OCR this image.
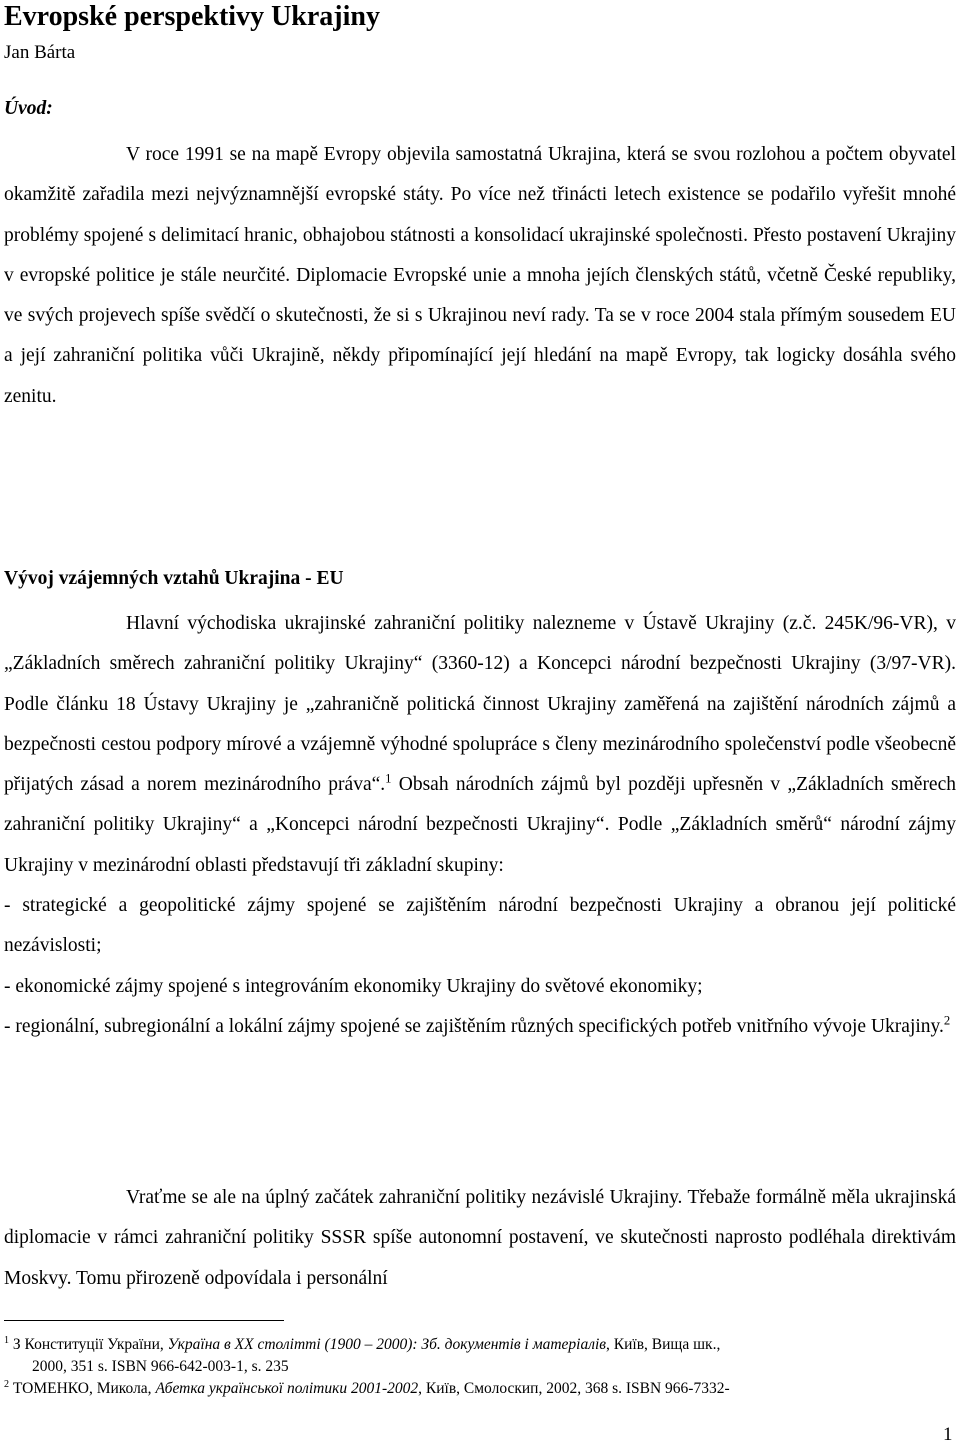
Evropské perspektivy Ukrajiny
Jan Bárta
Úvod:

V roce 1991 se na mapě Evropy objevila samostatná Ukrajina, která se svou rozlohou a počtem obyvatel okamžitě zařadila mezi nejvýznamnější evropské státy. Po více než třinácti letech existence se podařilo vyřešit mnohé problémy spojené s delimitací hranic, obhajobou státnosti a konsolidací ukrajinské společnosti. Přesto postavení Ukrajiny v evropské politice je stále neurčité. Diplomacie Evropské unie a mnoha jejích členských států, včetně České republiky, ve svých projevech spíše svědčí o skutečnosti, že si s Ukrajinou neví rady. Ta se v roce 2004 stala přímým sousedem EU a její zahraniční politika vůči Ukrajině, někdy připomínající její hledání na mapě Evropy, tak logicky dosáhla svého zenitu.

Vývoj vzájemných vztahů Ukrajina - EU

Hlavní východiska ukrajinské zahraniční politiky nalezneme v Ústavě Ukrajiny (z.č. 245K/96-VR), v „Základních směrech zahraniční politiky Ukrajiny“ (3360-12) a Koncepci národní bezpečnosti Ukrajiny (3/97-VR). Podle článku 18 Ústavy Ukrajiny je „zahraničně politická činnost Ukrajiny zaměřená na zajištění národních zájmů a bezpečnosti cestou podpory mírové a vzájemně výhodné spolupráce s členy mezinárodního společenství podle všeobecně přijatých zásad a norem mezinárodního práva“.$^1$ Obsah národních zájmů byl později upřesněn v „Základních směrech zahraniční politiky Ukrajiny“ a „Koncepci národní bezpečnosti Ukrajiny“. Podle „Základních směrů“ národní zájmy Ukrajiny v mezinárodní oblasti představují tři základní skupiny:
- strategické a geopolitické zájmy spojené se zajištěním národní bezpečnosti Ukrajiny a obranou její politické nezávislosti;
- ekonomické zájmy spojené s integrováním ekonomiky Ukrajiny do světové ekonomiky;
- regionální, subregionální a lokální zájmy spojené se zajištěním různých specifických potřeb vnitřního vývoje Ukrajiny.$^2$

Vraťme se ale na úplný začátek zahraniční politiky nezávislé Ukrajiny. Třebaže formálně měla ukrajinská diplomacie v rámci zahraniční politiky SSSR spíše autonomní postavení, ve skutečnosti naprosto podléhala direktivám Moskvy. Tomu přirozeně odpovídala i personální

$^1$ З Конституції України, Україна в XX столітті (1900 – 2000): Зб. документів і матеріалів, Київ, Вища шк.,
2000, 351 s. ISBN 966-642-003-1, s. 235

$^2$ ТОМЕНКО, Микола, Абетка української політики 2001-2002, Київ, Смолоскип, 2002, 368 s. ISBN 966-7332-

1
